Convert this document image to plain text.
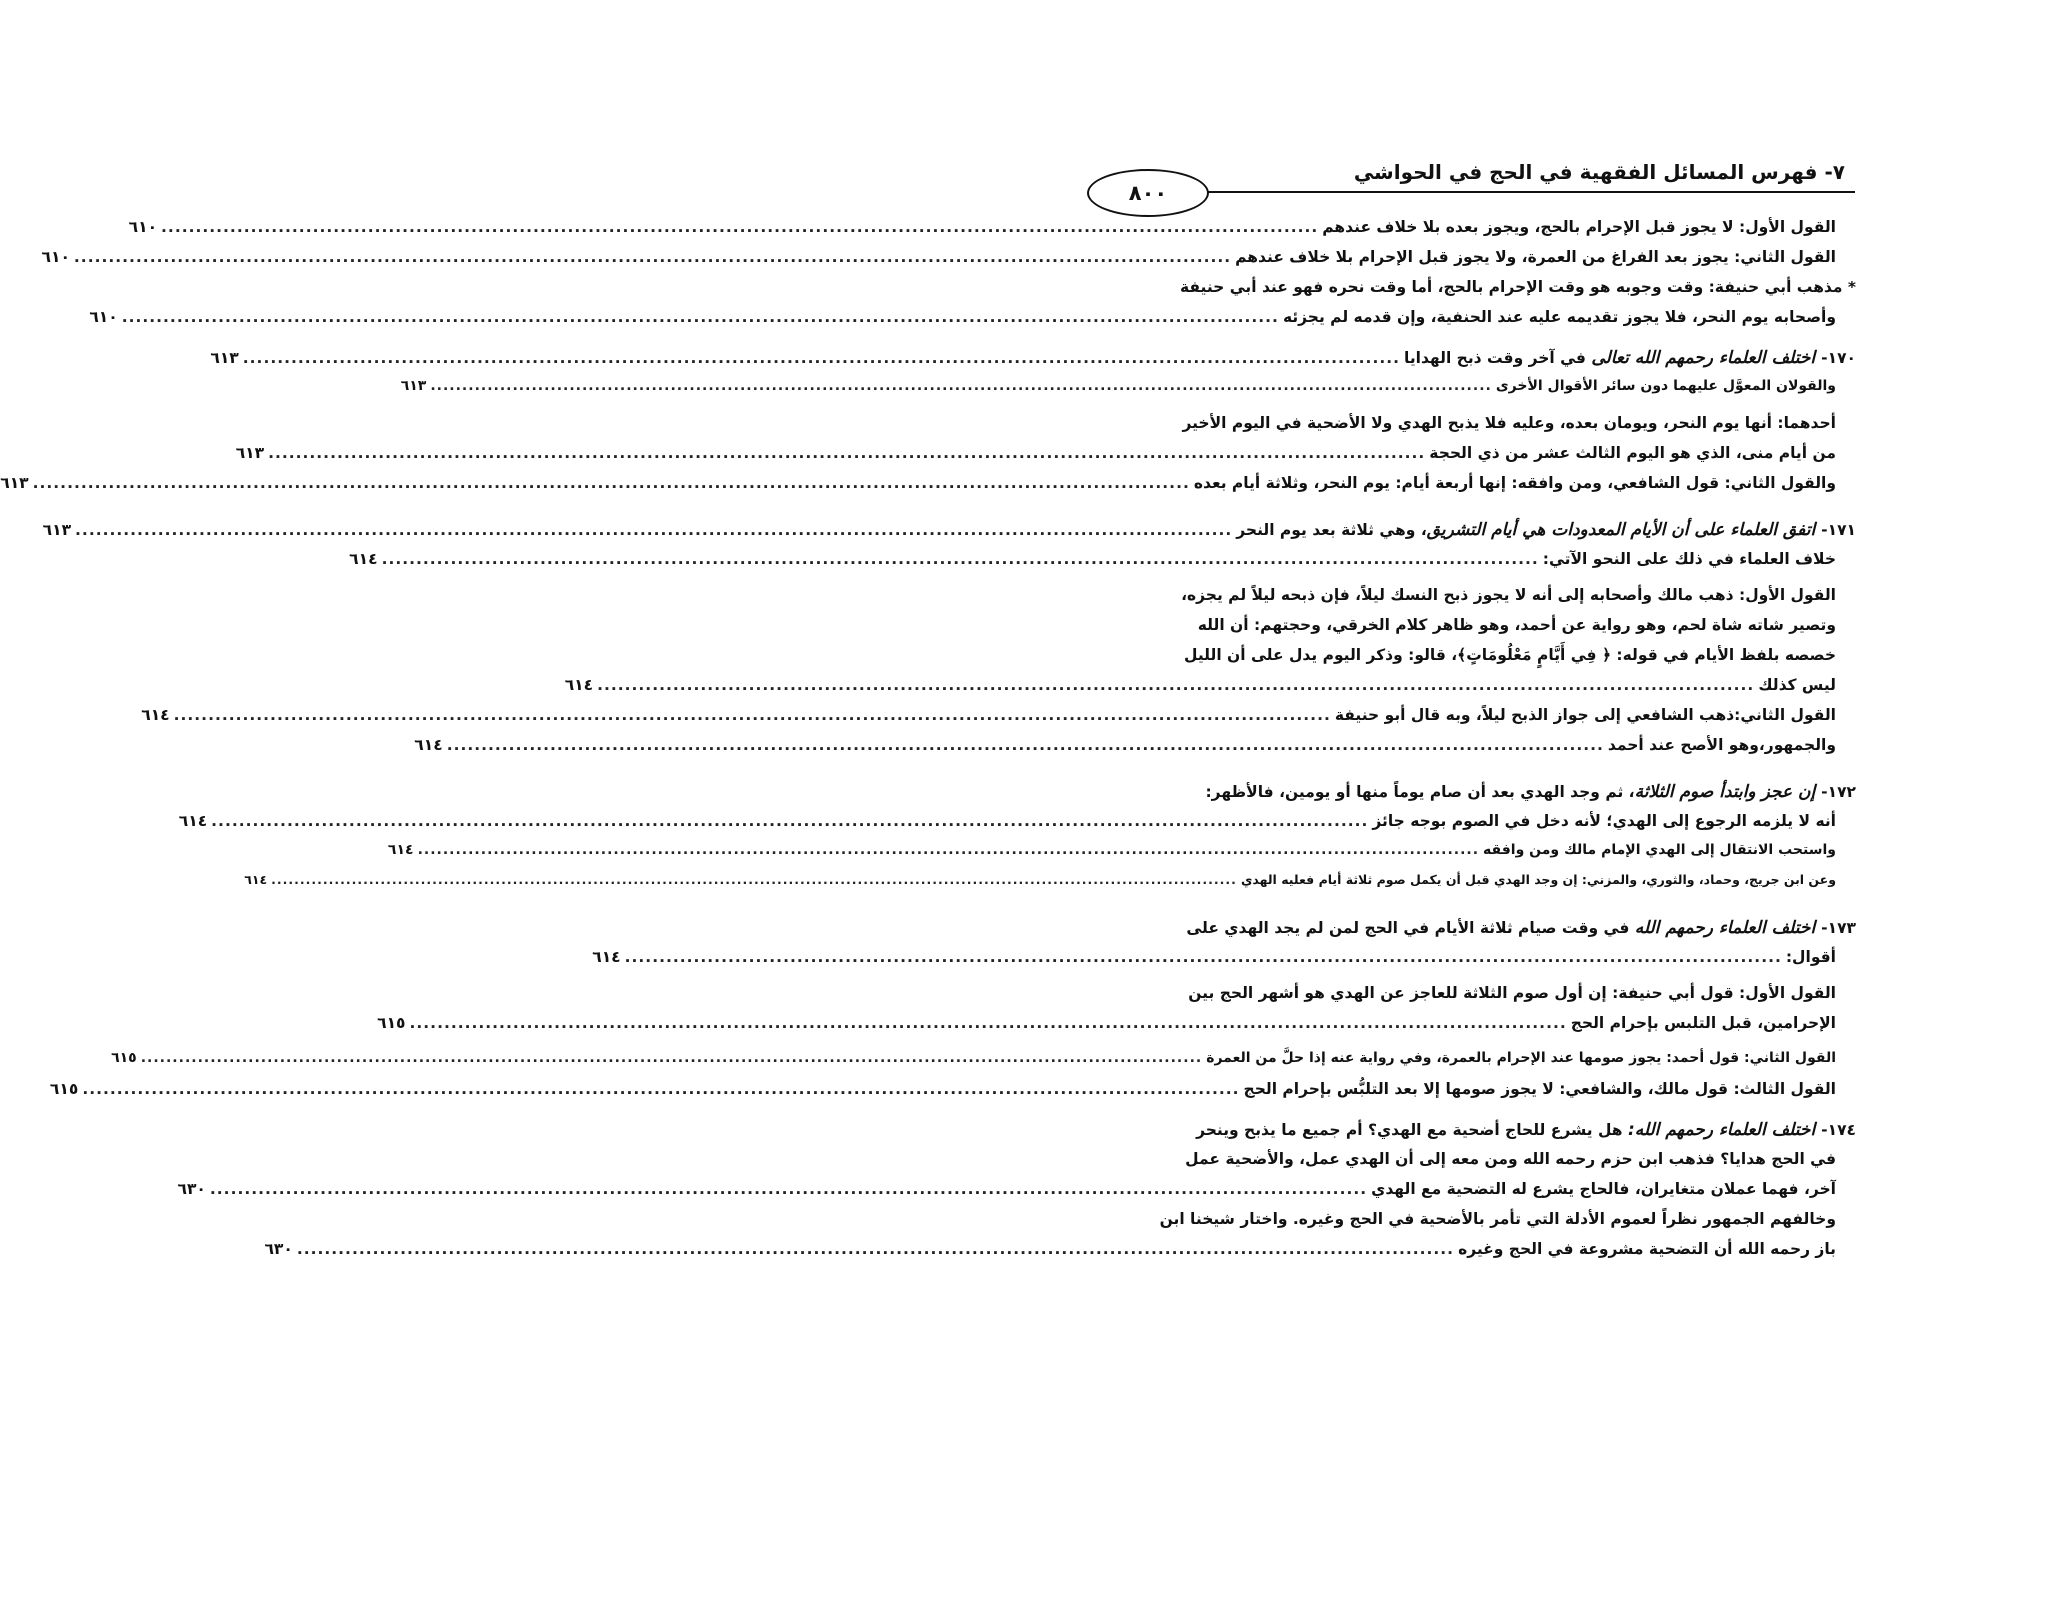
٧- فهرس المسائل الفقهية في الحج في الحواشي
٨٠٠
القول الأول: لا يجوز قبل الإحرام بالحج، ويجوز بعده بلا خلاف عندهم
.....
٦١٠
القول الثاني: يجوز بعد الفراغ من العمرة، ولا يجوز قبل الإحرام بلا خلاف عندهم
.....
٦١٠
* مذهب أبي حنيفة: وقت وجوبه هو وقت الإحرام بالحج، أما وقت نحره فهو عند أبي حنيفة
وأصحابه يوم النحر، فلا يجوز تقديمه عليه عند الحنفية، وإن قدمه لم يجزئه
.....
٦١٠
١٧٠-اختلف العلماء رحمهم الله تعالى في آخر وقت ذبح الهدايا
.....
٦١٣
والقولان المعوَّل عليهما دون سائر الأقوال الأخرى
.....
٦١٣
أحدهما: أنها يوم النحر، ويومان بعده، وعليه فلا يذبح الهدي ولا الأضحية في اليوم الأخير
من أيام منى، الذي هو اليوم الثالث عشر من ذي الحجة
.....
٦١٣
والقول الثاني: قول الشافعي، ومن وافقه: إنها أربعة أيام: يوم النحر، وثلاثة أيام بعده
.....
٦١٣
١٧١-اتفق العلماء على أن الأيام المعدودات هي أيام التشريق، وهي ثلاثة بعد يوم النحر
.....
٦١٣
خلاف العلماء في ذلك على النحو الآتي:
.....
٦١٤
القول الأول: ذهب مالك وأصحابه إلى أنه لا يجوز ذبح النسك ليلاً، فإن ذبحه ليلاً لم يجزه،
وتصير شاته شاة لحم، وهو رواية عن أحمد، وهو ظاهر كلام الخرقي، وحجتهم: أن الله
خصصه بلفظ الأيام في قوله: ﴿ فِي أَيَّامٍ مَعْلُومَاتٍ﴾، قالو: وذكر اليوم يدل على أن الليل
ليس كذلك
.....
٦١٤
القول الثاني:ذهب الشافعي إلى جواز الذبح ليلاً، وبه قال أبو حنيفة
.....
٦١٤
والجمهور،وهو الأصح عند أحمد
.....
٦١٤
١٧٢-إن عجز وابتدأ صوم الثلاثة، ثم وجد الهدي بعد أن صام يوماً منها أو يومين، فالأظهر:
أنه لا يلزمه الرجوع إلى الهدي؛ لأنه دخل في الصوم بوجه جائز
.....
٦١٤
واستحب الانتقال إلى الهدي الإمام مالك ومن وافقه
.....
٦١٤
وعن ابن جريج، وحماد، والثوري، والمزني: إن وجد الهدي قبل أن يكمل صوم ثلاثة أيام فعليه الهدي
.....
٦١٤
١٧٣-اختلف العلماء رحمهم الله في وقت صيام ثلاثة الأيام في الحج لمن لم يجد الهدي على
أقوال:
.....
٦١٤
القول الأول: قول أبي حنيفة: إن أول صوم الثلاثة للعاجز عن الهدي هو أشهر الحج بين
الإحرامين، قبل التلبس بإحرام الحج
.....
٦١٥
القول الثاني: قول أحمد: يجوز صومها عند الإحرام بالعمرة، وفي رواية عنه إذا حلَّ من العمرة
.....
٦١٥
القول الثالث: قول مالك، والشافعي: لا يجوز صومها إلا بعد التلبُّس بإحرام الحج
.....
٦١٥
١٧٤-اختلف العلماء رحمهم الله: هل يشرع للحاج أضحية مع الهدي؟ أم جميع ما يذبح وينحر
في الحج هدايا؟ فذهب ابن حزم رحمه الله ومن معه إلى أن الهدي عمل، والأضحية عمل
آخر، فهما عملان متغايران، فالحاج يشرع له التضحية مع الهدي
.....
٦٣٠
وخالفهم الجمهور نظراً لعموم الأدلة التي تأمر بالأضحية في الحج وغيره. واختار شيخنا ابن
باز رحمه الله أن التضحية مشروعة في الحج وغيره
.....
٦٣٠
